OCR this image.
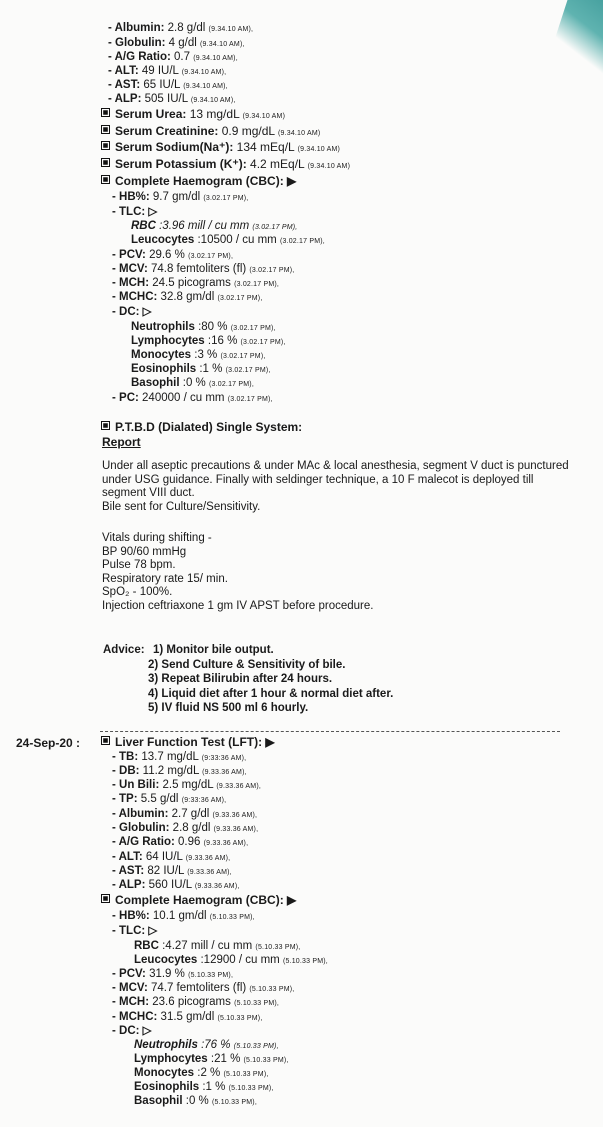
- Albumin: 2.8 g/dl (9.34.10 AM),
- Globulin: 4 g/dl (9.34.10 AM),
- A/G Ratio: 0.7 (9.34.10 AM),
- ALT: 49 IU/L (9.34.10 AM),
- AST: 65 IU/L (9.34.10 AM),
- ALP: 505 IU/L (9.34.10 AM),
Serum Urea: 13 mg/dL (9.34.10 AM)
Serum Creatinine: 0.9 mg/dL (9.34.10 AM)
Serum Sodium(Na⁺): 134 mEq/L (9.34.10 AM)
Serum Potassium (K⁺): 4.2 mEq/L (9.34.10 AM)
Complete Haemogram (CBC): ▶
- HB%: 9.7 gm/dl (3.02.17 PM),
- TLC: ▷
RBC :3.96 mill / cu mm (3.02.17 PM),
Leucocytes :10500 / cu mm (3.02.17 PM),
- PCV: 29.6 % (3.02.17 PM),
- MCV: 74.8 femtoliters (fl) (3.02.17 PM),
- MCH: 24.5 picograms (3.02.17 PM),
- MCHC: 32.8 gm/dl (3.02.17 PM),
- DC: ▷
Neutrophils :80 % (3.02.17 PM),
Lymphocytes :16 % (3.02.17 PM),
Monocytes :3 % (3.02.17 PM),
Eosinophils :1 % (3.02.17 PM),
Basophil :0 % (3.02.17 PM),
- PC: 240000 / cu mm (3.02.17 PM),
P.T.B.D (Dialated) Single System:
Report
Under all aseptic precautions & under MAc & local anesthesia, segment V duct is punctured under USG guidance. Finally with seldinger technique, a 10 F malecot is deployed till segment VIII duct.
Bile sent for Culture/Sensitivity.
Vitals during shifting -
BP 90/60 mmHg
Pulse 78 bpm.
Respiratory rate 15/ min.
SpO₂ - 100%.
Injection ceftriaxone 1 gm IV APST before procedure.
Advice: 1) Monitor bile output.
2) Send Culture & Sensitivity of bile.
3) Repeat Bilirubin after 24 hours.
4) Liquid diet after 1 hour & normal diet after.
5) IV fluid NS 500 ml 6 hourly.
24-Sep-20 :	Liver Function Test (LFT): ▶
- TB: 13.7 mg/dL (9:33:36 AM),
- DB: 11.2 mg/dL (9.33.36 AM),
- Un Bili: 2.5 mg/dL (9.33.36 AM),
- TP: 5.5 g/dl (9:33:36 AM),
- Albumin: 2.7 g/dl (9.33.36 AM),
- Globulin: 2.8 g/dl (9.33.36 AM),
- A/G Ratio: 0.96 (9.33.36 AM),
- ALT: 64 IU/L (9.33.36 AM),
- AST: 82 IU/L (9.33.36 AM),
- ALP: 560 IU/L (9.33.36 AM),
Complete Haemogram (CBC): ▶
- HB%: 10.1 gm/dl (5.10.33 PM),
- TLC: ▷
RBC :4.27 mill / cu mm (5.10.33 PM),
Leucocytes :12900 / cu mm (5.10.33 PM),
- PCV: 31.9 % (5.10.33 PM),
- MCV: 74.7 femtoliters (fl) (5.10.33 PM),
- MCH: 23.6 picograms (5.10.33 PM),
- MCHC: 31.5 gm/dl (5.10.33 PM),
- DC: ▷
Neutrophils :76 % (5.10.33 PM),
Lymphocytes :21 % (5.10.33 PM),
Monocytes :2 % (5.10.33 PM),
Eosinophils :1 % (5.10.33 PM),
Basophil :0 % (5.10.33 PM),
